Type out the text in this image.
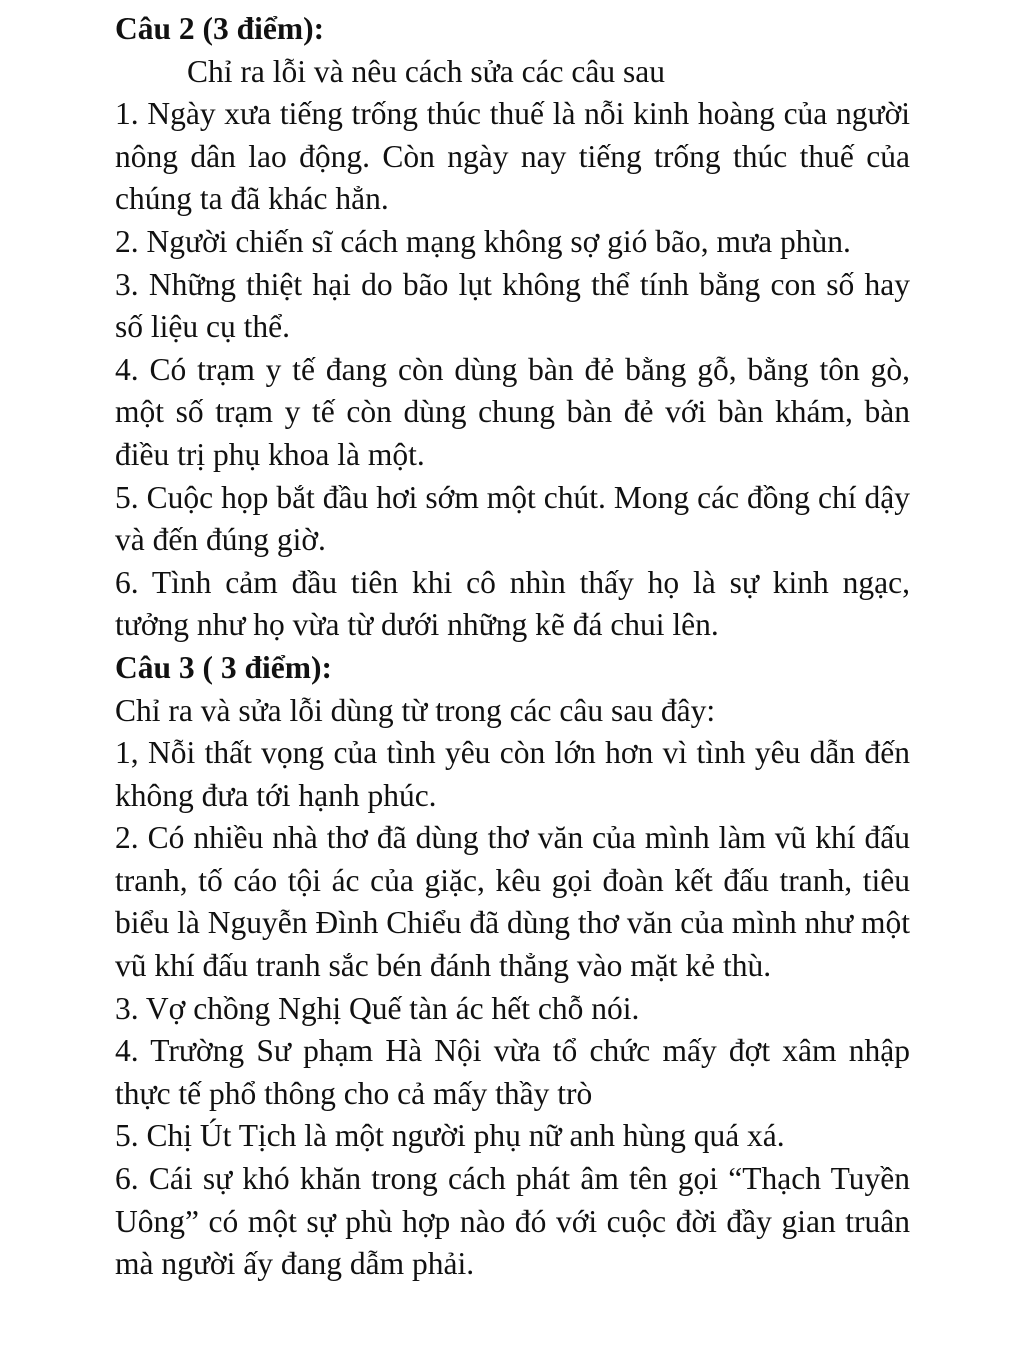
Câu 2 (3 điểm):

Chỉ ra lỗi và nêu cách sửa các câu sau

1. Ngày xưa tiếng trống thúc thuế là nỗi kinh hoàng của người nông dân lao động. Còn ngày nay tiếng trống thúc thuế của chúng ta đã khác hẳn.

2. Người chiến sĩ cách mạng không sợ gió bão, mưa phùn.

3. Những thiệt hại do bão lụt không thể tính bằng con số hay số liệu cụ thể.

4. Có trạm y tế đang còn dùng bàn đẻ bằng gỗ, bằng tôn gò, một số trạm y tế còn dùng chung bàn đẻ với bàn khám, bàn điều trị phụ khoa là một.

5. Cuộc họp bắt đầu hơi sớm một chút. Mong các đồng chí dậy và đến đúng giờ.

6. Tình cảm đầu tiên khi cô nhìn thấy họ là sự kinh ngạc, tưởng như họ vừa từ dưới những kẽ đá chui lên.

Câu 3 ( 3 điểm):

Chỉ ra và sửa lỗi dùng từ trong các câu sau đây:

1, Nỗi thất vọng của tình yêu còn lớn hơn vì tình yêu dẫn đến không đưa tới hạnh phúc.

2. Có nhiều nhà thơ đã dùng thơ văn của mình làm vũ khí đấu tranh, tố cáo tội ác của giặc, kêu gọi đoàn kết đấu tranh, tiêu biểu là Nguyễn Đình Chiểu đã dùng thơ văn của mình như một vũ khí đấu tranh sắc bén đánh thẳng vào mặt kẻ thù.

3. Vợ chồng Nghị Quế tàn ác hết chỗ nói.

4. Trường Sư phạm Hà Nội vừa tổ chức mấy đợt xâm nhập thực tế phổ thông cho cả mấy thầy trò

5. Chị Út Tịch là một người phụ nữ anh hùng quá xá.

6. Cái sự khó khăn trong cách phát âm tên gọi “Thạch Tuyền Uông” có một sự phù hợp nào đó với cuộc đời đầy gian truân mà người ấy đang dẫm phải.
